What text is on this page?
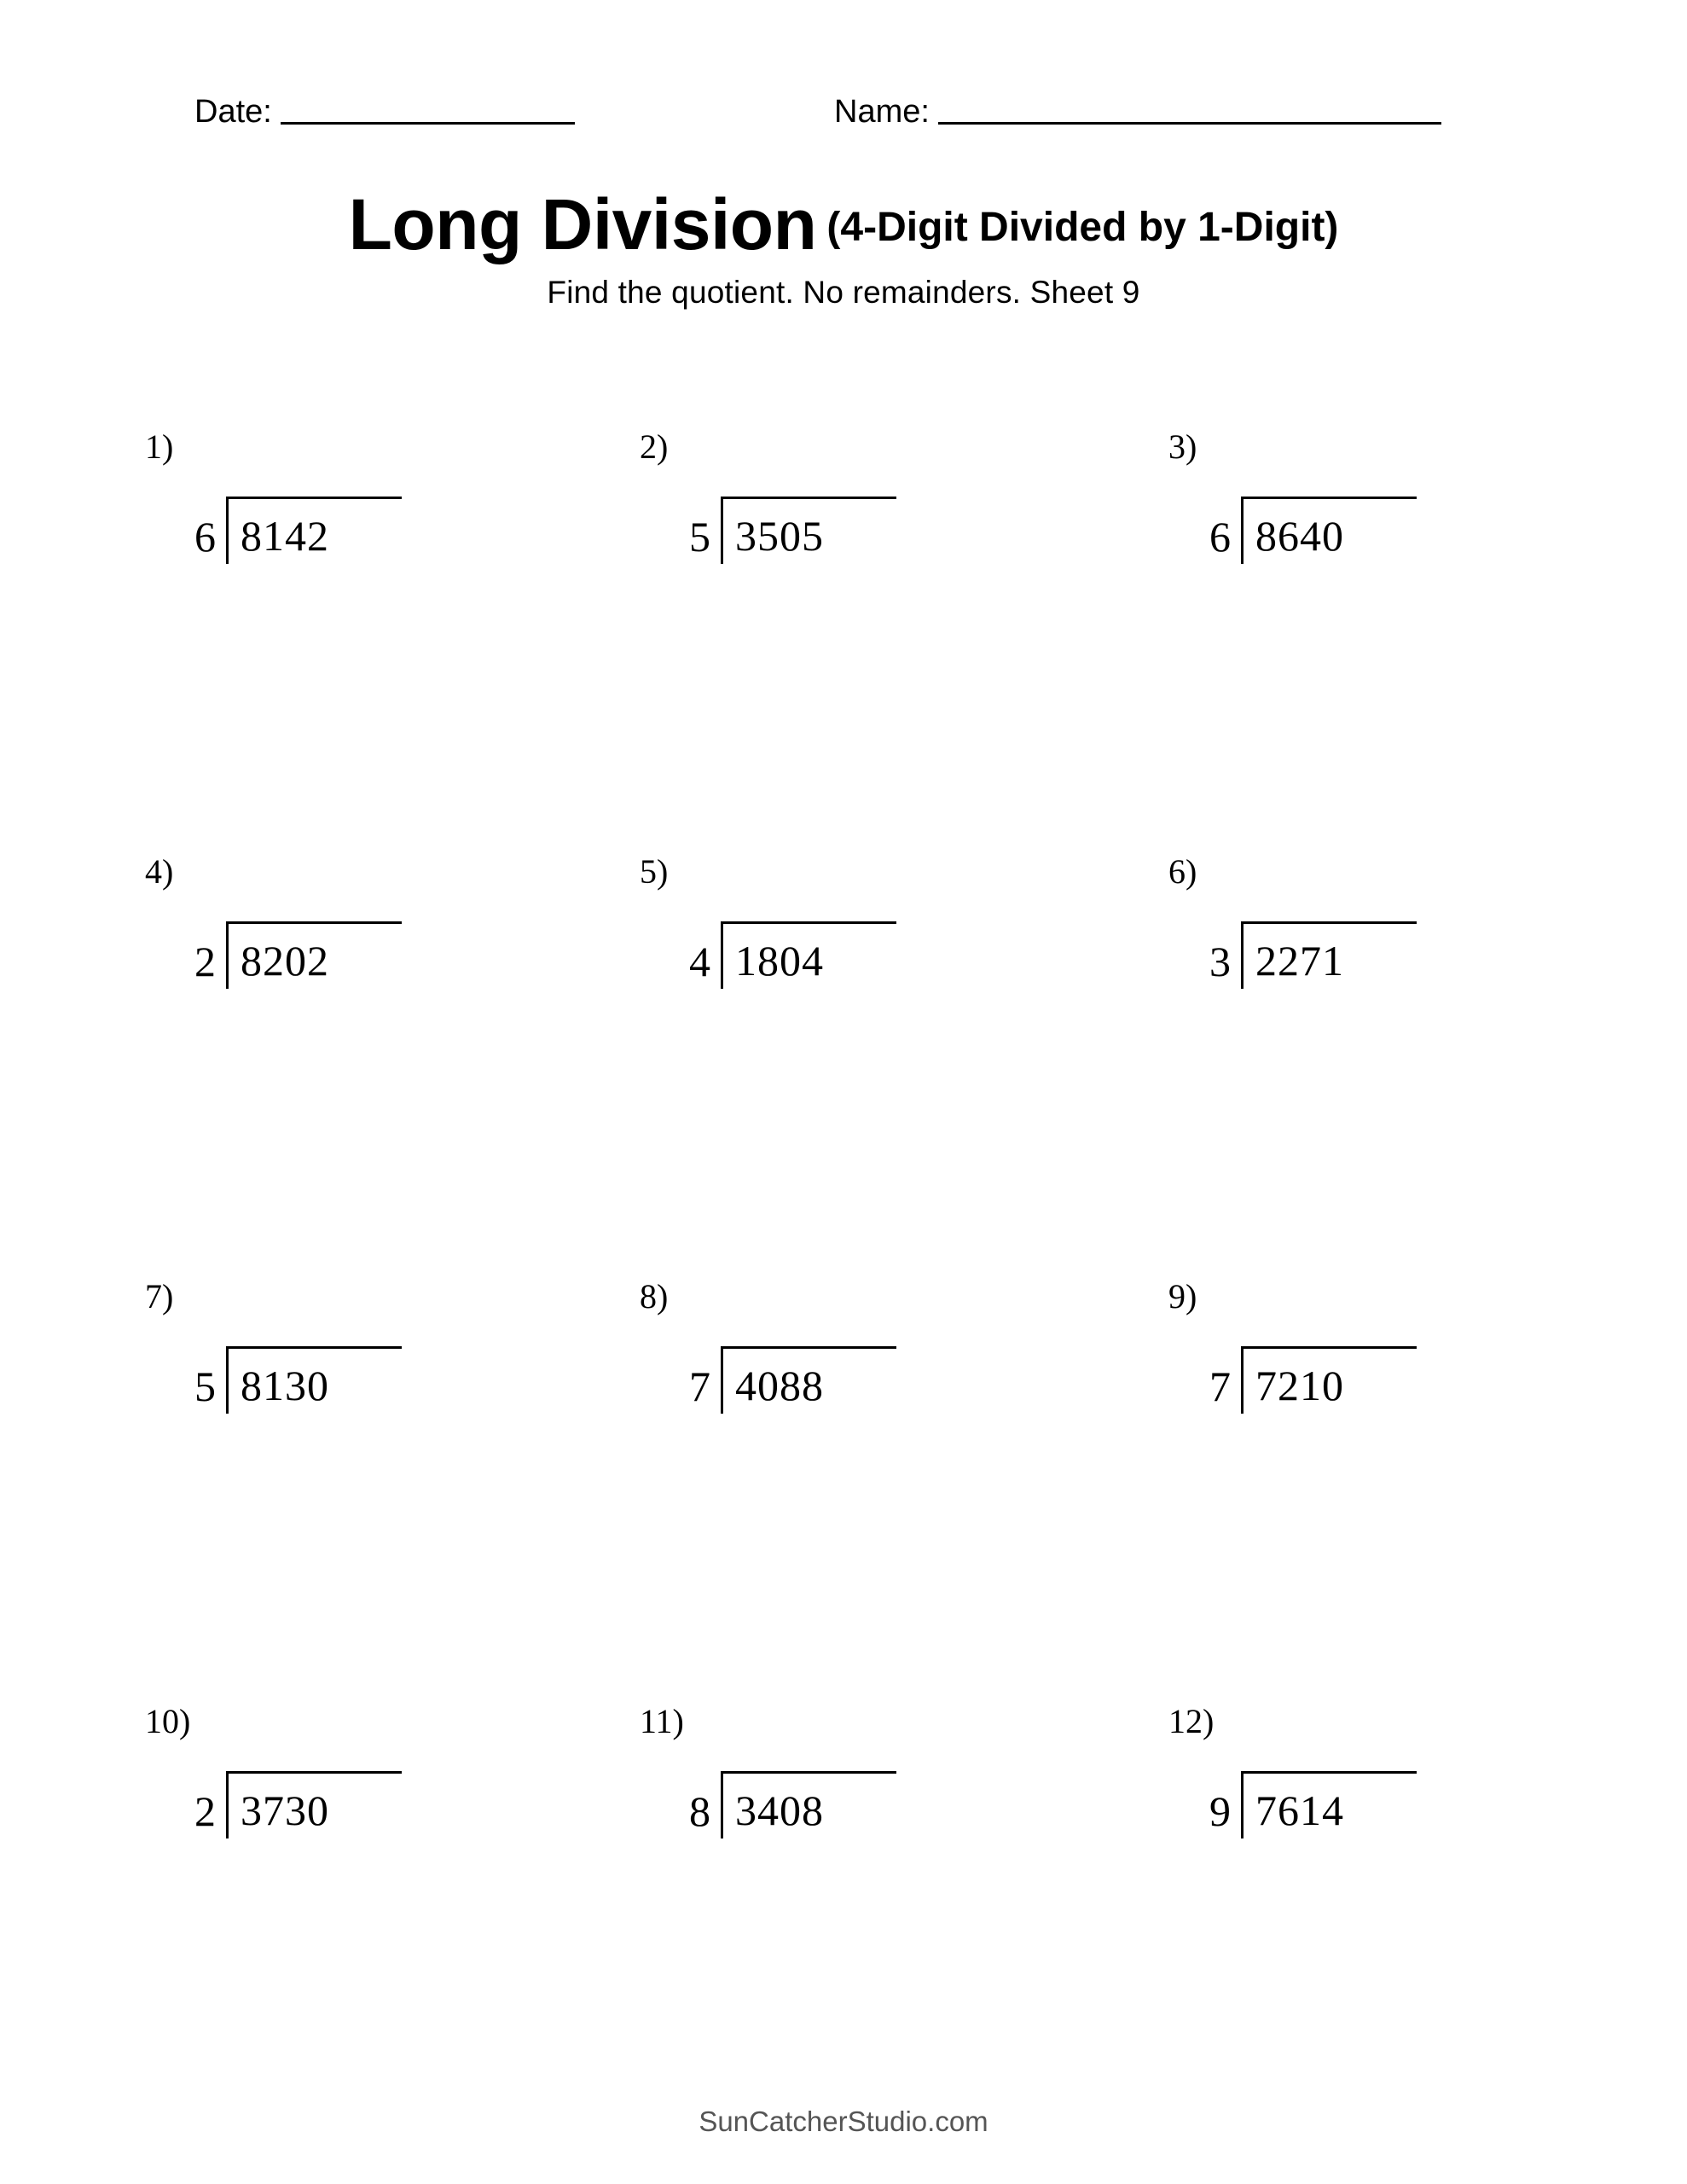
Date:	Name:
Long Division (4-Digit Divided by 1-Digit)
Find the quotient. No remainders. Sheet 9
1)
6 8142
2)
5 3505
3)
6 8640
4)
2 8202
5)
4 1804
6)
3 2271
7)
5 8130
8)
7 4088
9)
7 7210
10)
2 3730
11)
8 3408
12)
9 7614
SunCatcherStudio.com
